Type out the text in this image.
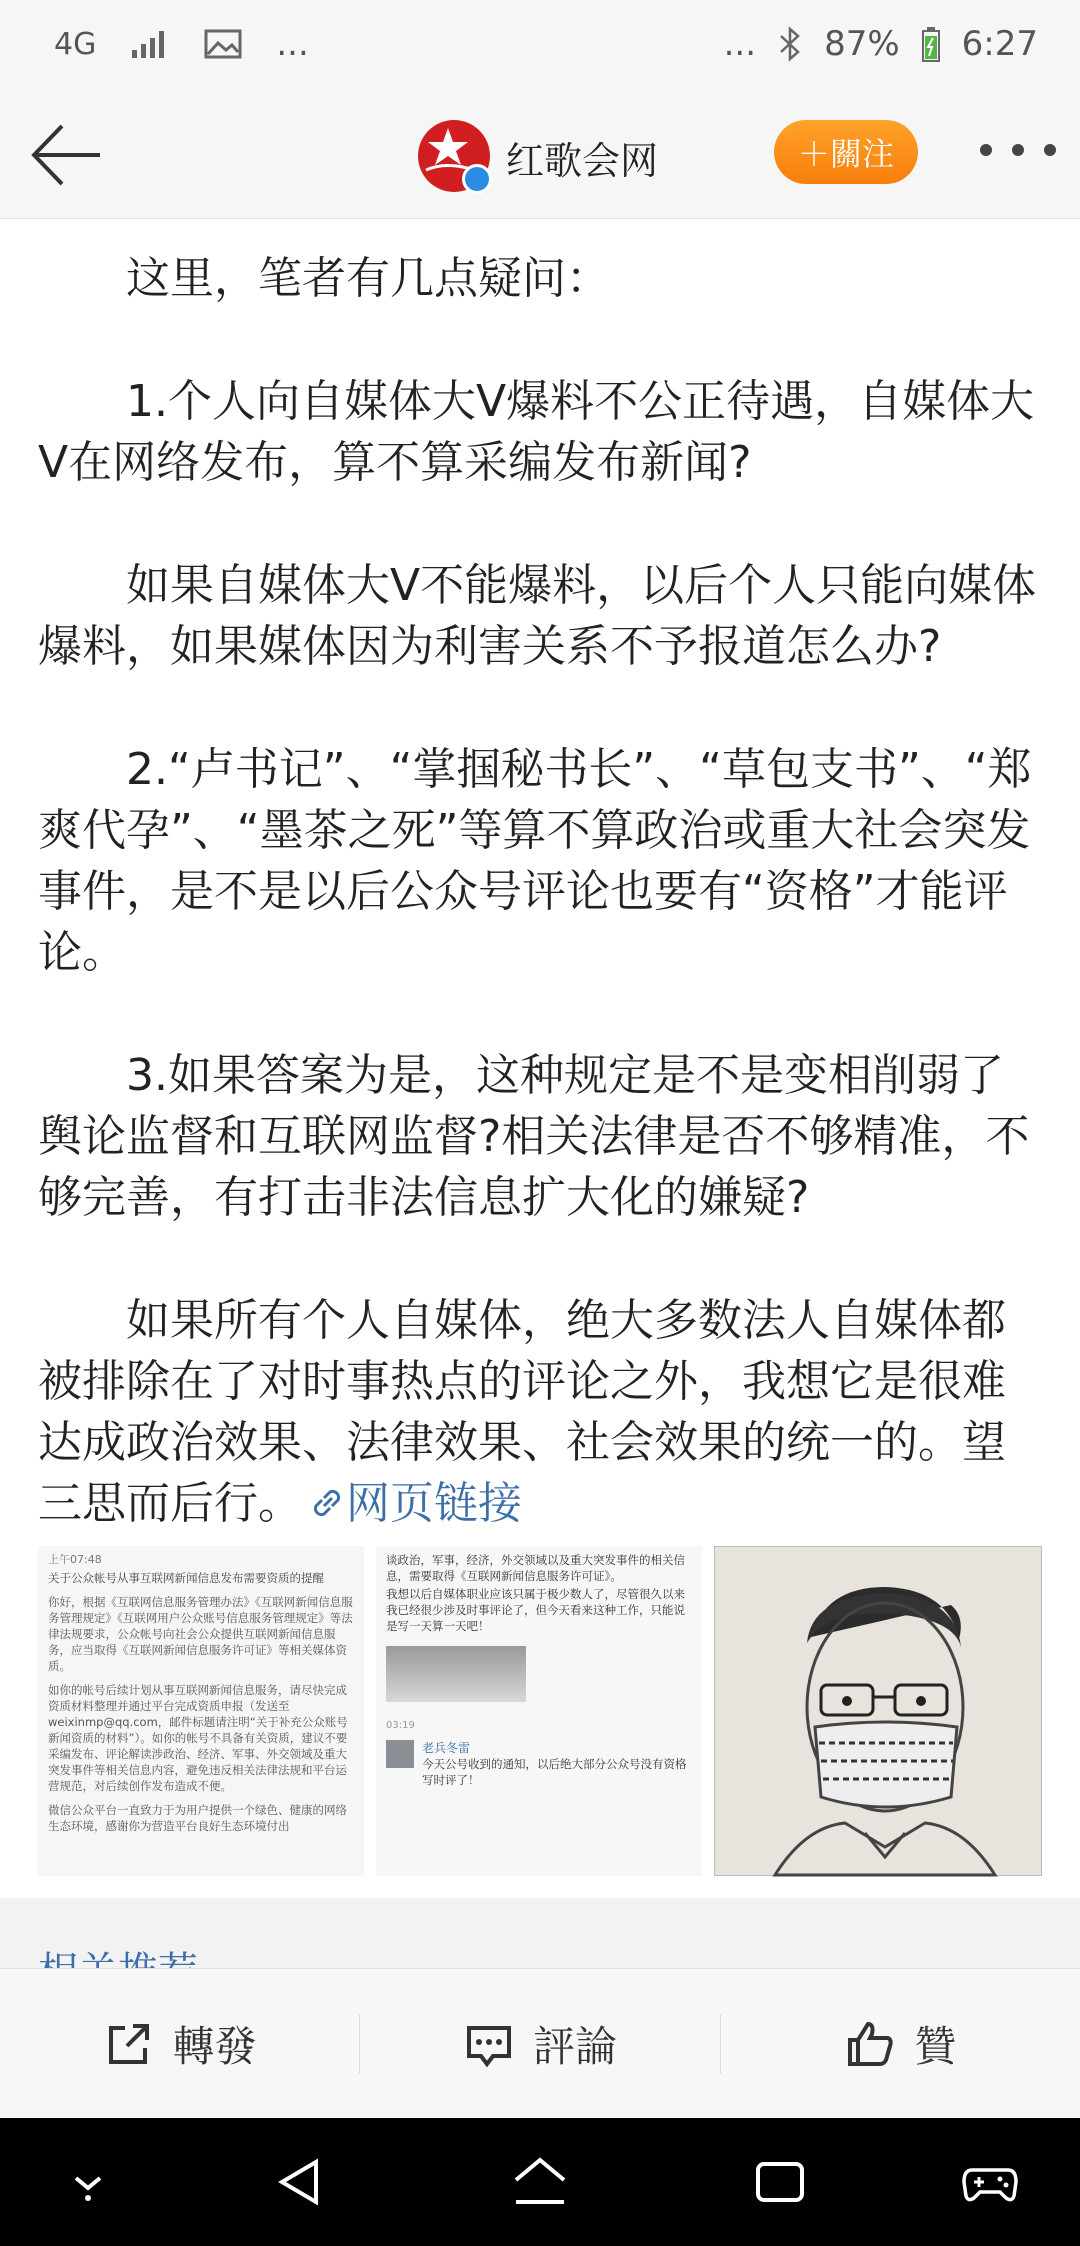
4G	...	... 87% 6:27
红歌会网	＋關注

这里，笔者有几点疑问：

1.个人向自媒体大V爆料不公正待遇，自媒体大V在网络发布，算不算采编发布新闻?

如果自媒体大V不能爆料，以后个人只能向媒体爆料，如果媒体因为利害关系不予报道怎么办?

2.“卢书记”、“掌掴秘书长”、“草包支书”、“郑爽代孕”、“墨茶之死”等算不算政治或重大社会突发事件，是不是以后公众号评论也要有“资格”才能评论。

3.如果答案为是，这种规定是不是变相削弱了舆论监督和互联网监督?相关法律是否不够精准，不够完善，有打击非法信息扩大化的嫌疑?

如果所有个人自媒体，绝大多数法人自媒体都被排除在了对时事热点的评论之外，我想它是很难达成政治效果、法律效果、社会效果的统一的。望三思而后行。 网页链接

上午07:48
关于公众帐号从事互联网新闻信息发布需要资质的提醒
你好，根据《互联网信息服务管理办法》《互联网新闻信息服务管理规定》《互联网用户公众账号信息服务管理规定》等法律法规要求，公众帐号向社会公众提供互联网新闻信息服务，应当取得《互联网新闻信息服务许可证》等相关媒体资质。
如你的帐号后续计划从事互联网新闻信息服务，请尽快完成资质材料整理并通过平台完成资质申报（发送至weixinmp@qq.com，邮件标题请注明“关于补充公众账号新闻资质的材料”）。如你的帐号不具备有关资质，建议不要采编发布、评论解读涉政治、经济、军事、外交领域及重大突发事件等相关信息内容，避免违反相关法律法规和平台运营规范，对后续创作发布造成不便。
微信公众平台一直致力于为用户提供一个绿色、健康的网络生态环境，感谢你为营造平台良好生态环境付出
谈政治，军事，经济，外交领域以及重大突发事件的相关信息，需要取得《互联网新闻信息服务许可证》。
我想以后自媒体职业应该只属于极少数人了，尽管很久以来我已经很少涉及时事评论了，但今天看来这种工作，只能说是写一天算一天吧！
03:19
老兵冬雷
今天公号收到的通知，以后绝大部分公众号没有资格写时评了！
轉發	評論	贊
